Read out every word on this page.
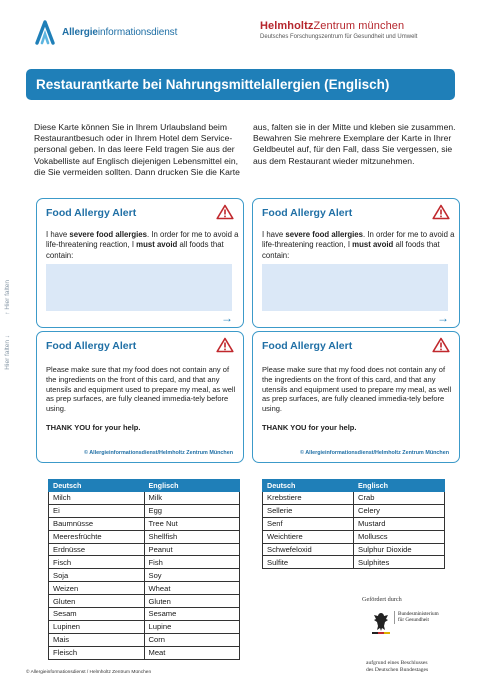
Allergieinformationsdienst	HelmholtzZentrum münchen
Deutsches Forschungszentrum für Gesundheit und Umwelt
Restaurantkarte bei Nahrungsmittelallergien (Englisch)
Diese Karte können Sie in Ihrem Urlaubsland beim Restaurantbesuch oder in Ihrem Hotel dem Service-personal geben. In das leere Feld tragen Sie aus der Vokabelliste auf Englisch diejenigen Lebensmittel ein, die Sie vermeiden sollten. Dann drucken Sie die Karte
aus, falten sie in der Mitte und kleben sie zusammen. Bewahren Sie mehrere Exemplare der Karte in Ihrer Geldbeutel auf, für den Fall, dass Sie vergessen, sie aus dem Restaurant wieder mitzunehmen.
↑ Hier falten
Hier falten ↓
Food Allergy Alert
I have severe food allergies. In order for me to avoid a life-threatening reaction, I must avoid all foods that contain:
→
Food Allergy Alert
I have severe food allergies. In order for me to avoid a life-threatening reaction, I must avoid all foods that contain:
→
Food Allergy Alert
Please make sure that my food does not contain any of the ingredients on the front of this card, and that any utensils and equipment used to prepare my meal, as well as prep surfaces, are fully cleaned immedia-tely before using.
THANK YOU for your help.
© Allergieinformationsdienst/Helmholtz Zentrum München
Food Allergy Alert
Please make sure that my food does not contain any of the ingredients on the front of this card, and that any utensils and equipment used to prepare my meal, as well as prep surfaces, are fully cleaned immedia-tely before using.
THANK YOU for your help.
© Allergieinformationsdienst/Helmholtz Zentrum München
Deutsch	Englisch
Milch	Milk
Ei	Egg
Baumnüsse	Tree Nut
Meeresfrüchte	Shellfish
Erdnüsse	Peanut
Fisch	Fish
Soja	Soy
Weizen	Wheat
Gluten	Gluten
Sesam	Sesame
Lupinen	Lupine
Mais	Corn
Fleisch	Meat
Deutsch	Englisch
Krebstiere	Crab
Sellerie	Celery
Senf	Mustard
Weichtiere	Molluscs
Schwefeloxid	Sulphur Dioxide
Sulfite	Sulphites
Gefördert durch
Bundesministerium
für Gesundheit
aufgrund eines Beschlusses
des Deutschen Bundestages
© Allergieinformationsdienst / Helmholtz Zentrum München
